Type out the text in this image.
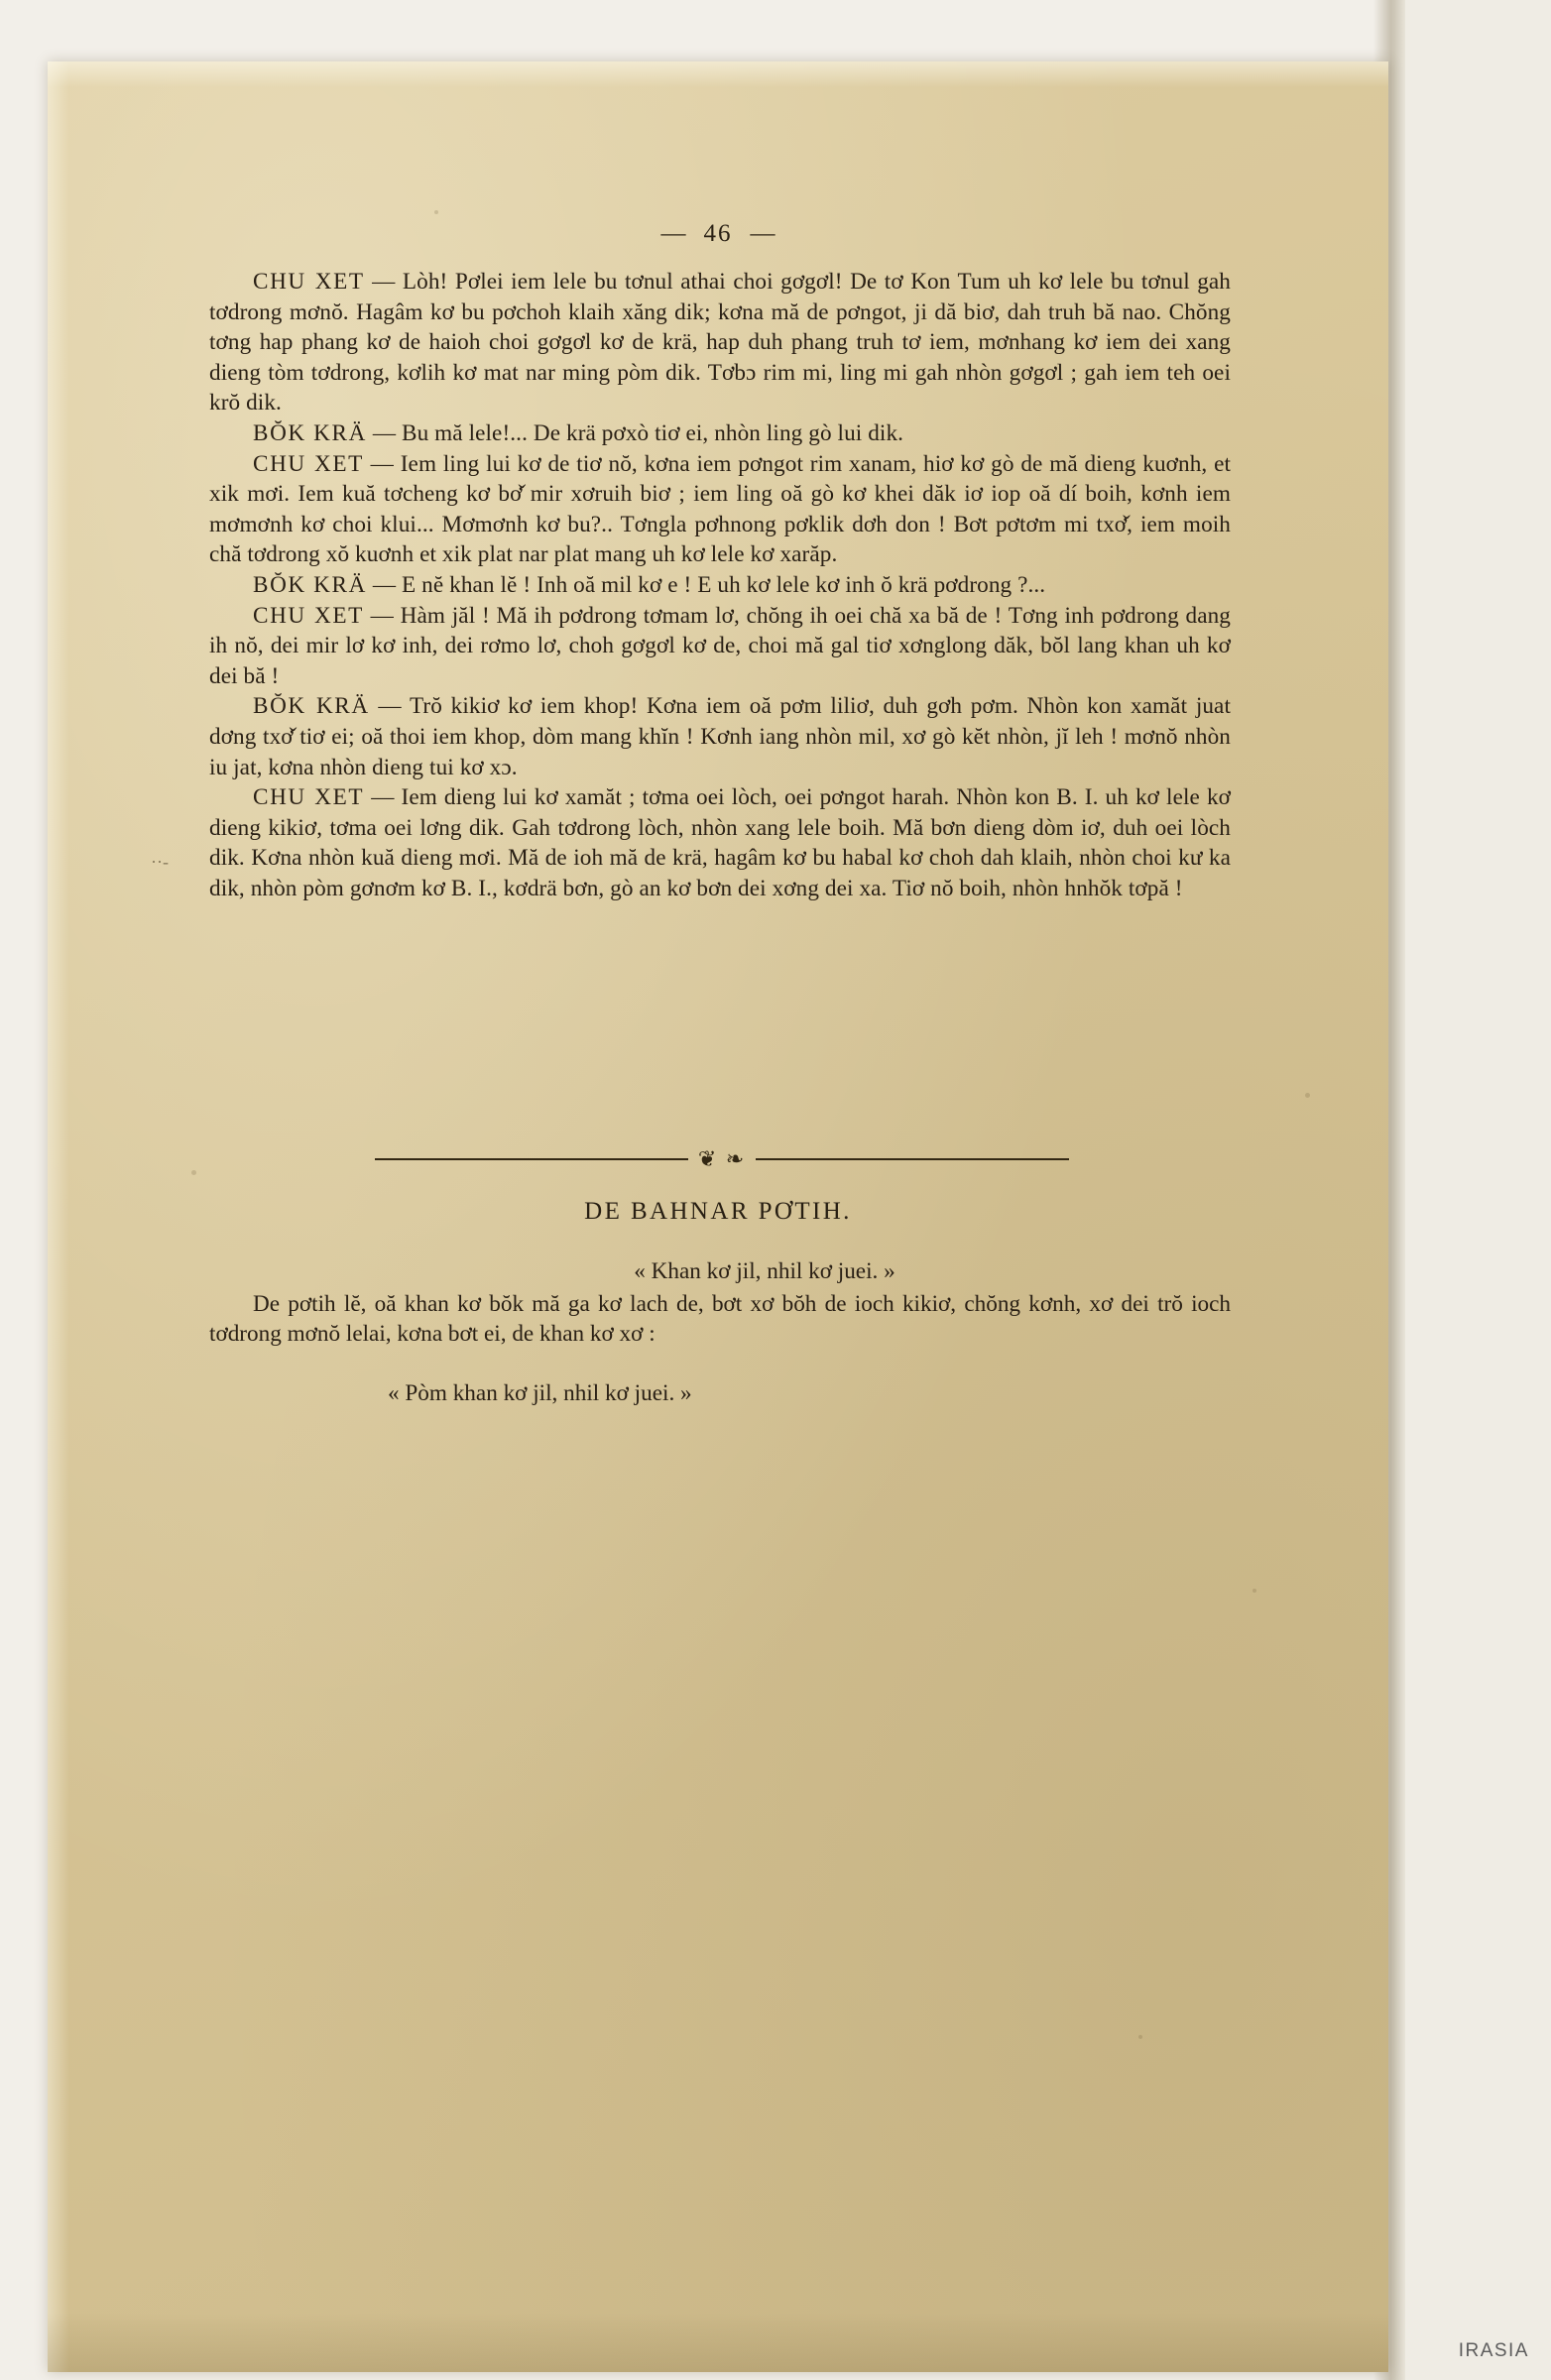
— 46 —
··-

CHU XET — Lòh! Pơlei iem lele bu tơnul athai choi gơgơl! De tơ Kon Tum uh kơ lele bu tơnul gah tơdrong mơnŏ. Hagâm kơ bu pơchoh klaih xăng dik; kơna mă de pơngot, ji dă biơ, dah truh bă nao. Chŏng tơng hap phang kơ de haioh choi gơgơl kơ de krä, hap duh phang truh tơ iem, mơnhang kơ iem dei xang dieng tòm tơdrong, kơlih kơ mat nar ming pòm dik. Tơbɔ rim mi, ling mi gah nhòn gơgơl ; gah iem teh oei krŏ dik.

BŎK KRÄ — Bu mă lele!... De krä pơxò tiơ ei, nhòn ling gò lui dik.

CHU XET — Iem ling lui kơ de tiơ nŏ, kơna iem pơngot rim xanam, hiơ kơ gò de mă dieng kuơnh, et xik mơi. Iem kuă tơcheng kơ bơ̌ mir xơruih biơ ; iem ling oă gò kơ khei dăk iơ iop oă dí boih, kơnh iem mơmơnh kơ choi klui... Mơmơnh kơ bu?.. Tơngla pơhnong pơklik dơh don ! Bơt pơtơm mi txơ̌, iem moih chă tơdrong xŏ kuơnh et xik plat nar plat mang uh kơ lele kơ xarăp.

BŎK KRÄ — E nĕ khan lĕ ! Inh oă mil kơ e ! E uh kơ lele kơ inh ŏ krä pơdrong ?...

CHU XET — Hàm jăl ! Mă ih pơdrong tơmam lơ, chŏng ih oei chă xa bă de ! Tơng inh pơdrong dang ih nŏ, dei mir lơ kơ inh, dei rơmo lơ, choh gơgơl kơ de, choi mă gal tiơ xơnglong dăk, bŏl lang khan uh kơ dei bă !

BŎK KRÄ — Trŏ kikiơ kơ iem khop! Kơna iem oă pơm liliơ, duh gơh pơm. Nhòn kon xamăt juat dơng txơ̌ tiơ ei; oă thoi iem khop, dòm mang khĭn ! Kơnh iang nhòn mil, xơ gò kĕt nhòn, jĭ leh ! mơnŏ nhòn iu jat, kơna nhòn dieng tui kơ xɔ.

CHU XET — Iem dieng lui kơ xamăt ; tơma oei lòch, oei pơngot harah. Nhòn kon B. I. uh kơ lele kơ dieng kikiơ, tơma oei lơng dik. Gah tơdrong lòch, nhòn xang lele boih. Mă bơn dieng dòm iơ, duh oei lòch dik. Kơna nhòn kuă dieng mơi. Mă de ioh mă de krä, hagâm kơ bu habal kơ choh dah klaih, nhòn choi kư ka dik, nhòn pòm gơnơm kơ B. I., kơdrä bơn, gò an kơ bơn dei xơng dei xa. Tiơ nŏ boih, nhòn hnhŏk tơpă !

❦ ❧
DE BAHNAR PƠTIH.

« Khan kơ jil, nhil kơ juei. »

De pơtih lĕ, oă khan kơ bŏk mă ga kơ lach de, bơt xơ bŏh de ioch kikiơ, chŏng kơnh, xơ dei trŏ ioch tơdrong mơnŏ lelai, kơna bơt ei, de khan kơ xơ :

« Pòm khan kơ jil, nhil kơ juei. »
IRASIA
